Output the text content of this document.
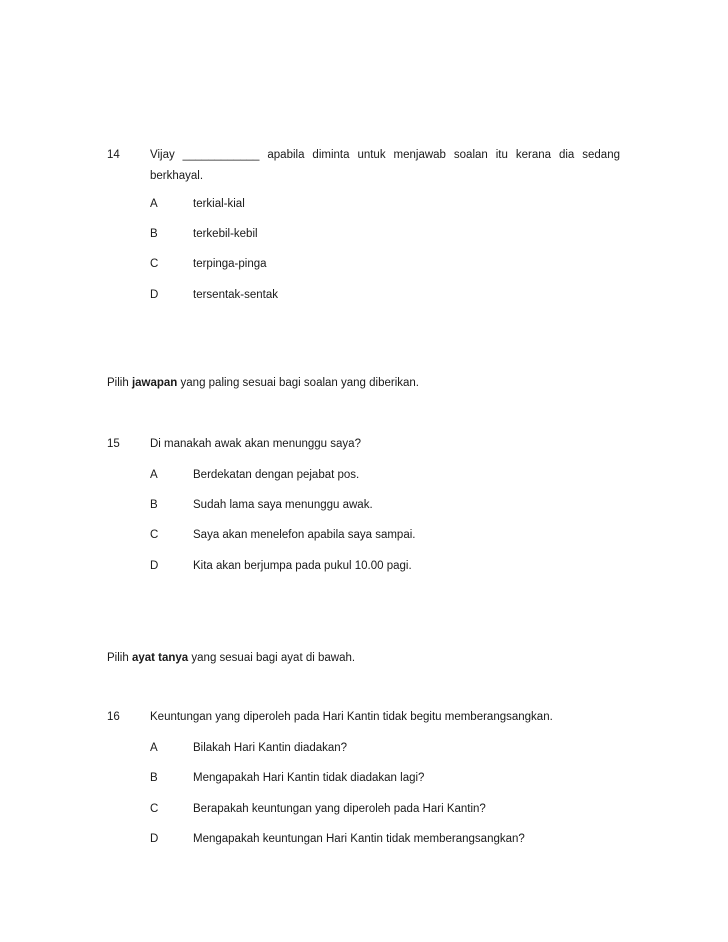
14	Vijay ____________ apabila diminta untuk menjawab soalan itu kerana dia sedang
berkhayal.
A	terkial-kial
B	terkebil-kebil
C	terpinga-pinga
D	tersentak-sentak
Pilih jawapan yang paling sesuai bagi soalan yang diberikan.
15	Di manakah awak akan menunggu saya?
A	Berdekatan dengan pejabat pos.
B	Sudah lama saya menunggu awak.
C	Saya akan menelefon apabila saya sampai.
D	Kita akan berjumpa pada pukul 10.00 pagi.
Pilih ayat tanya yang sesuai bagi ayat di bawah.
16	Keuntungan yang diperoleh pada Hari Kantin tidak begitu memberangsangkan.
A	Bilakah Hari Kantin diadakan?
B	Mengapakah Hari Kantin tidak diadakan lagi?
C	Berapakah keuntungan yang diperoleh pada Hari Kantin?
D	Mengapakah keuntungan Hari Kantin tidak memberangsangkan?
